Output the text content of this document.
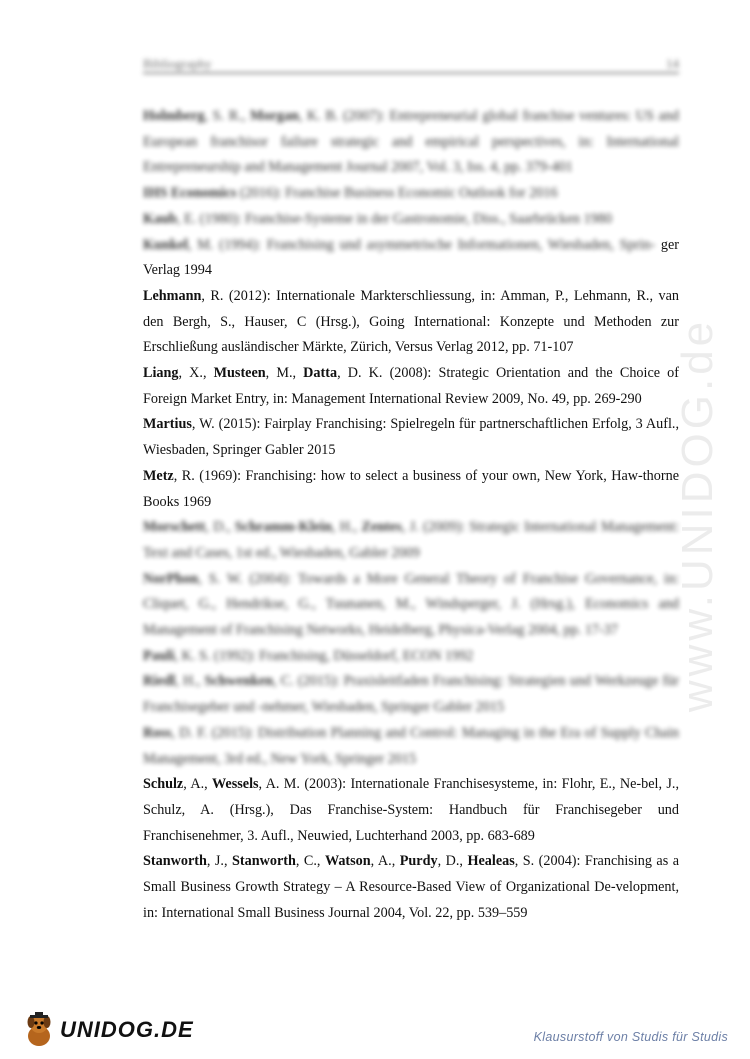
Bibliography	14
Holmberg, S. R., Morgan, K. B. (2007): Entrepreneurial global franchise ventures: US and European franchisor failure strategic and empirical perspectives, in: International Entrepreneurship and Management Journal 2007, Vol. 3, Iss. 4, pp. 379-401
IHS Economics (2016): Franchise Business Economic Outlook for 2016
Kaub, E. (1980): Franchise-Systeme in der Gastronomie, Diss., Saarbrücken 1980
Kunkel, M. (1994): Franchising und asymmetrische Informationen, Wiesbaden, Sprin- ger Verlag 1994
Lehmann, R. (2012): Internationale Markterschliessung, in: Amman, P., Lehmann, R., van den Bergh, S., Hauser, C (Hrsg.), Going International: Konzepte und Methoden zur Erschließung ausländischer Märkte, Zürich, Versus Verlag 2012, pp. 71-107
Liang, X., Musteen, M., Datta, D. K. (2008): Strategic Orientation and the Choice of Foreign Market Entry, in: Management International Review 2009, No. 49, pp. 269-290
Martius, W. (2015): Fairplay Franchising: Spielregeln für partnerschaftlichen Erfolg, 3 Aufl., Wiesbaden, Springer Gabler 2015
Metz, R. (1969): Franchising: how to select a business of your own, New York, Haw-thorne Books 1969
Morschett, D., Schramm-Klein, H., Zentes, J. (2009): Strategic International Management: Text and Cases, 1st ed., Wiesbaden, Gabler 2009
NorPhon, S. W. (2004): Towards a More General Theory of Franchise Governance, in: Cliquet, G., Hendrikse, G., Tuunanen, M., Windsperger, J. (Hrsg.), Economics and Management of Franchising Networks, Heidelberg, Physica-Verlag 2004, pp. 17-37
Pauli, K. S. (1992): Franchising, Düsseldorf, ECON 1992
Riedl, H., Schwenken, C. (2015): Praxisleitfaden Franchising: Strategien und Werkzeuge für Franchisegeber und -nehmer, Wiesbaden, Springer Gabler 2015
Ross, D. F. (2015): Distribution Planning and Control: Managing in the Era of Supply Chain Management, 3rd ed., New York, Springer 2015
Schulz, A., Wessels, A. M. (2003): Internationale Franchisesysteme, in: Flohr, E., Ne-bel, J., Schulz, A. (Hrsg.), Das Franchise-System: Handbuch für Franchisegeber und Franchisenehmer, 3. Aufl., Neuwied, Luchterhand 2003, pp. 683-689
Stanworth, J., Stanworth, C., Watson, A., Purdy, D., Healeas, S. (2004): Franchising as a Small Business Growth Strategy – A Resource-Based View of Organizational De-velopment, in: International Small Business Journal 2004, Vol. 22, pp. 539–559
www.UNIDOG.de
UNIDOG.DE	Klausurstoff von Studis für Studis
